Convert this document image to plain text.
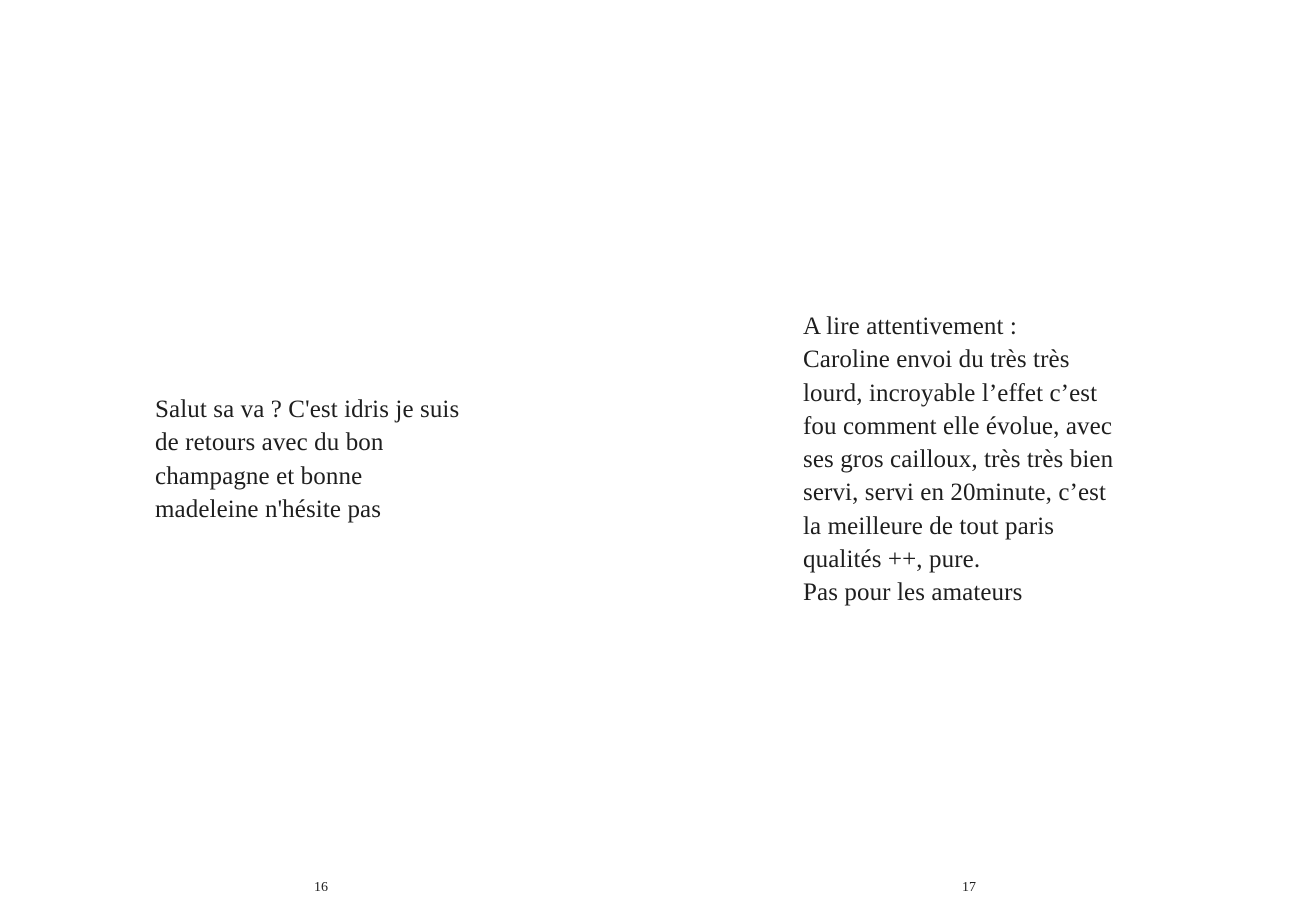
Salut sa va ? C'est idris je suis
de retours avec du bon
champagne et bonne
madeleine n'hésite pas

16

A lire attentivement :
Caroline envoi du très très
lourd, incroyable l’effet c’est
fou comment elle évolue, avec
ses gros cailloux, très très bien
servi, servi en 20minute, c’est
la meilleure de tout paris
qualités ++, pure.
Pas pour les amateurs

17
